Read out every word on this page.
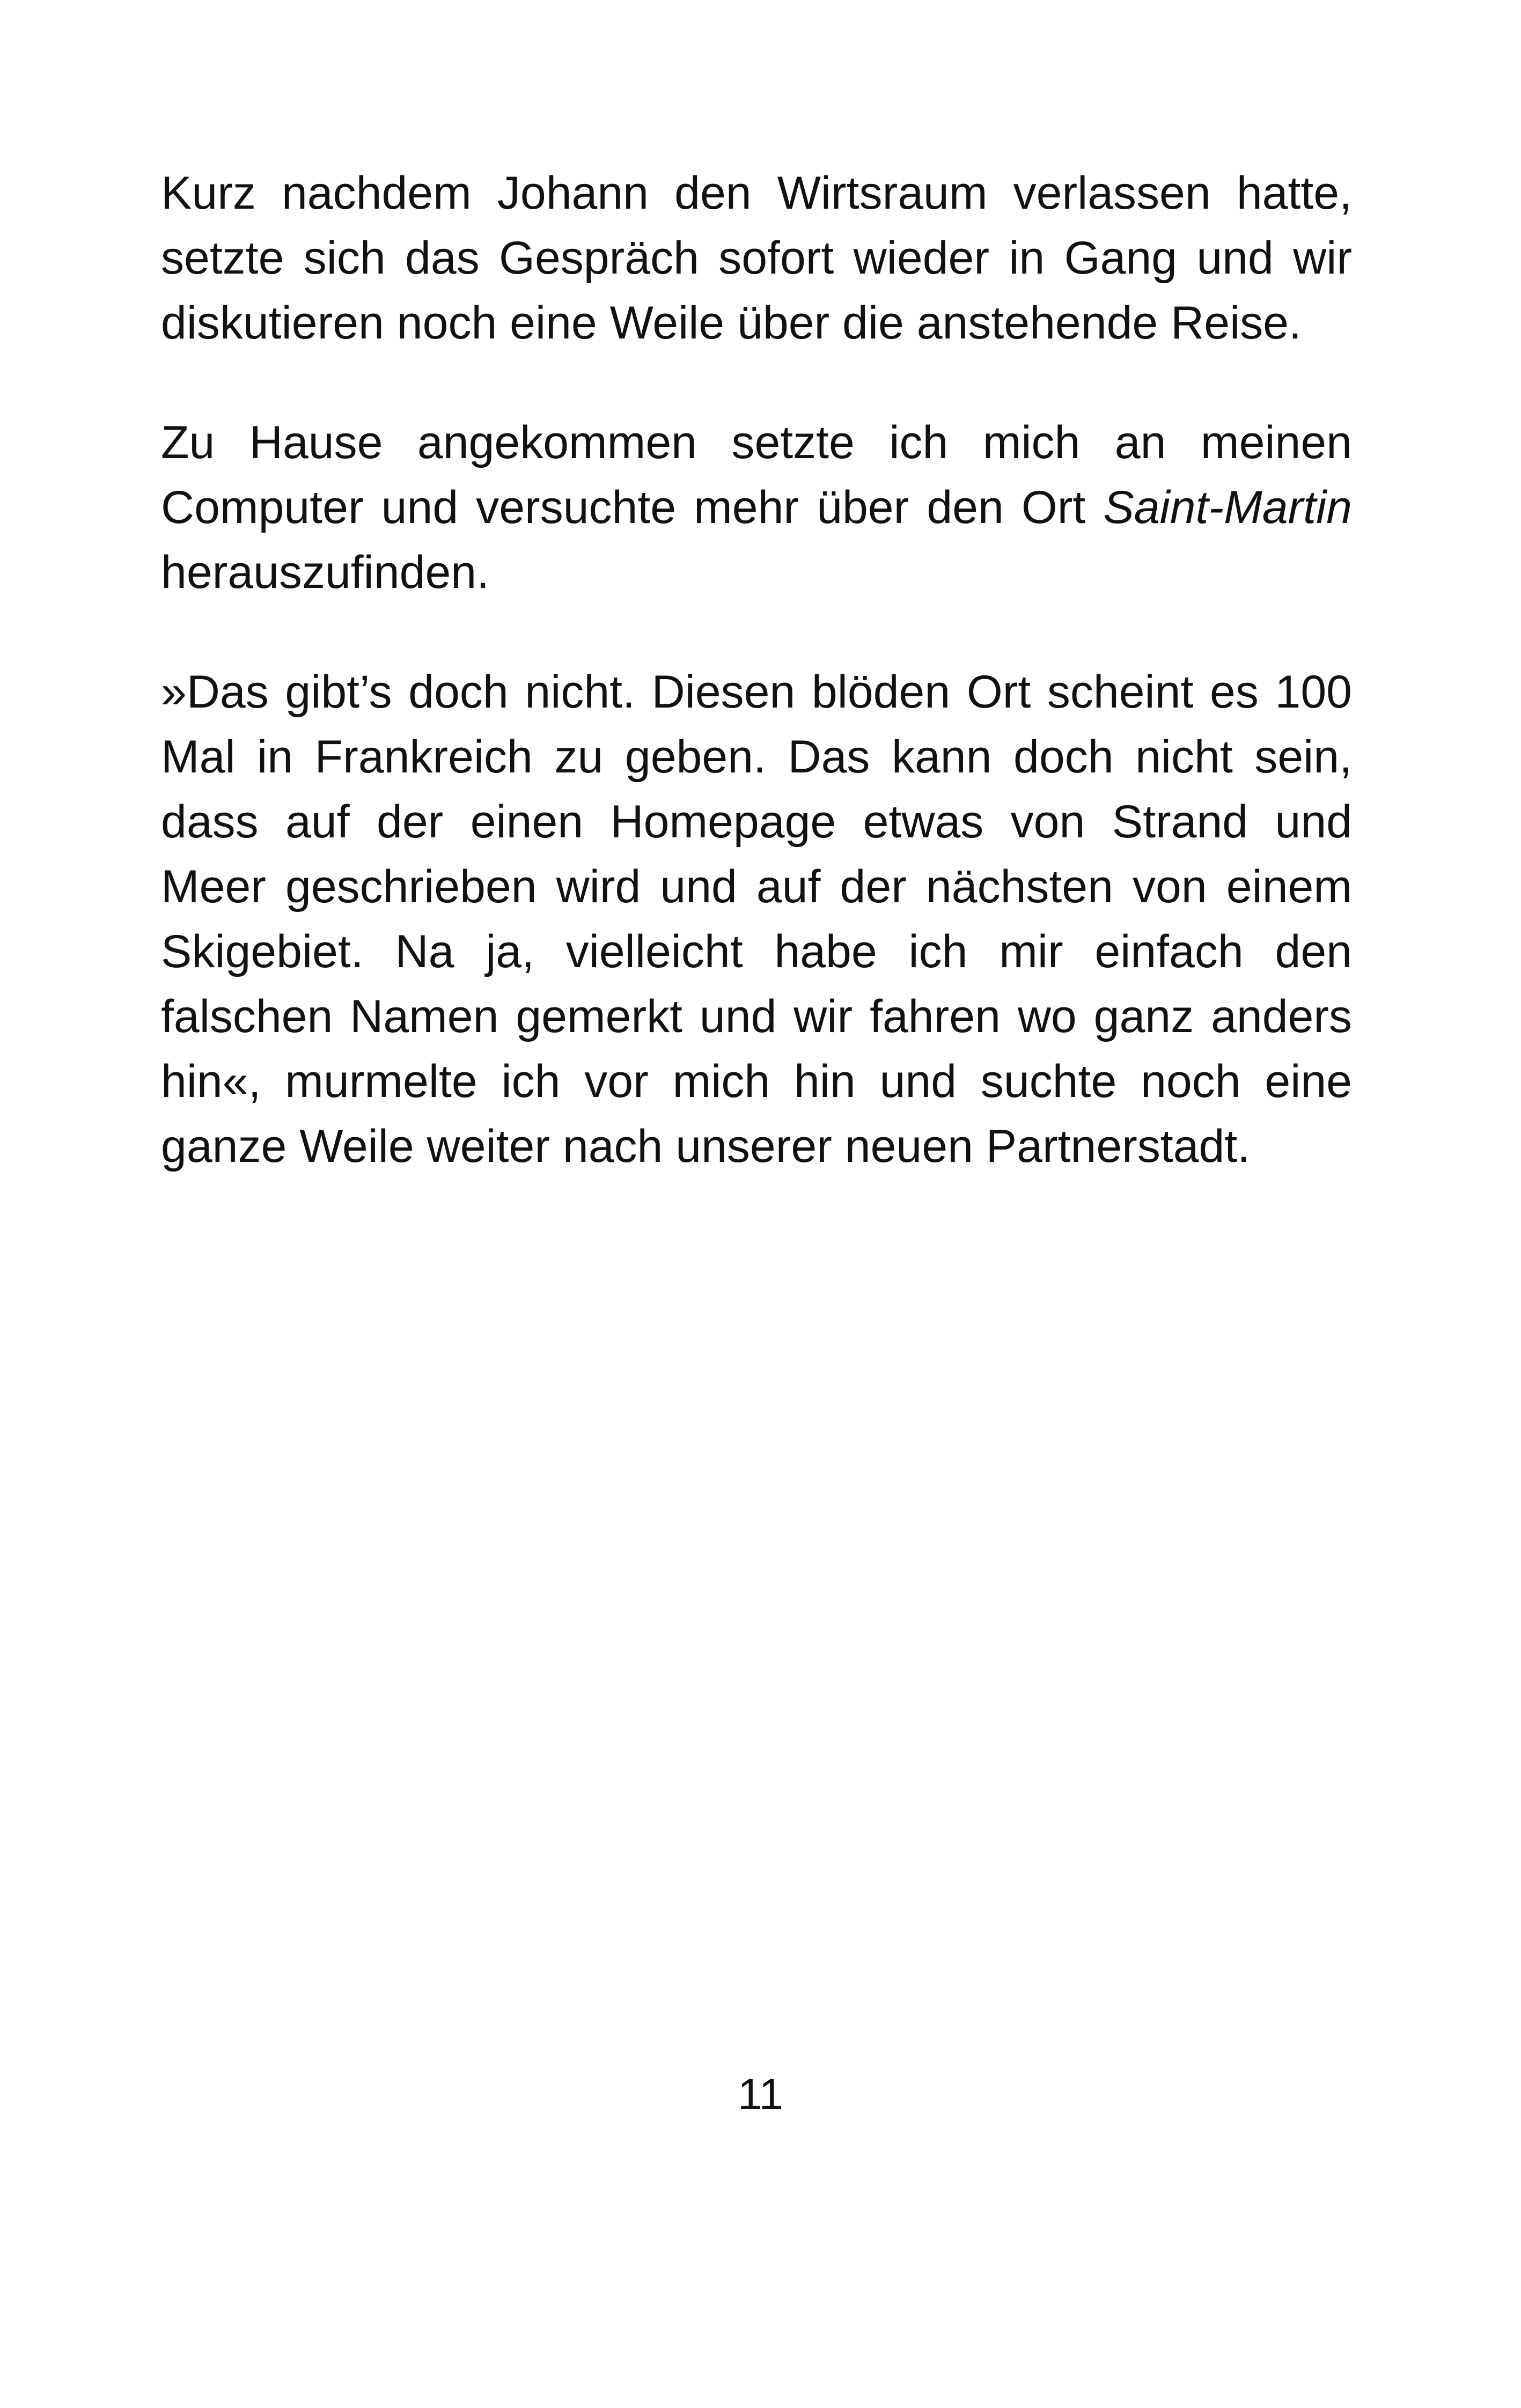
Kurz nachdem Johann den Wirtsraum verlassen hatte, setzte sich das Gespräch sofort wieder in Gang und wir diskutieren noch eine Weile über die anstehende Reise.

Zu Hause angekommen setzte ich mich an meinen Computer und versuchte mehr über den Ort Saint-Martin herauszufinden.

»Das gibt’s doch nicht. Diesen blöden Ort scheint es 100 Mal in Frankreich zu geben. Das kann doch nicht sein, dass auf der einen Homepage etwas von Strand und Meer geschrieben wird und auf der nächsten von einem Skigebiet. Na ja, vielleicht habe ich mir einfach den falschen Namen gemerkt und wir fahren wo ganz anders hin«, murmelte ich vor mich hin und suchte noch eine ganze Weile weiter nach unserer neuen Partnerstadt.

11
